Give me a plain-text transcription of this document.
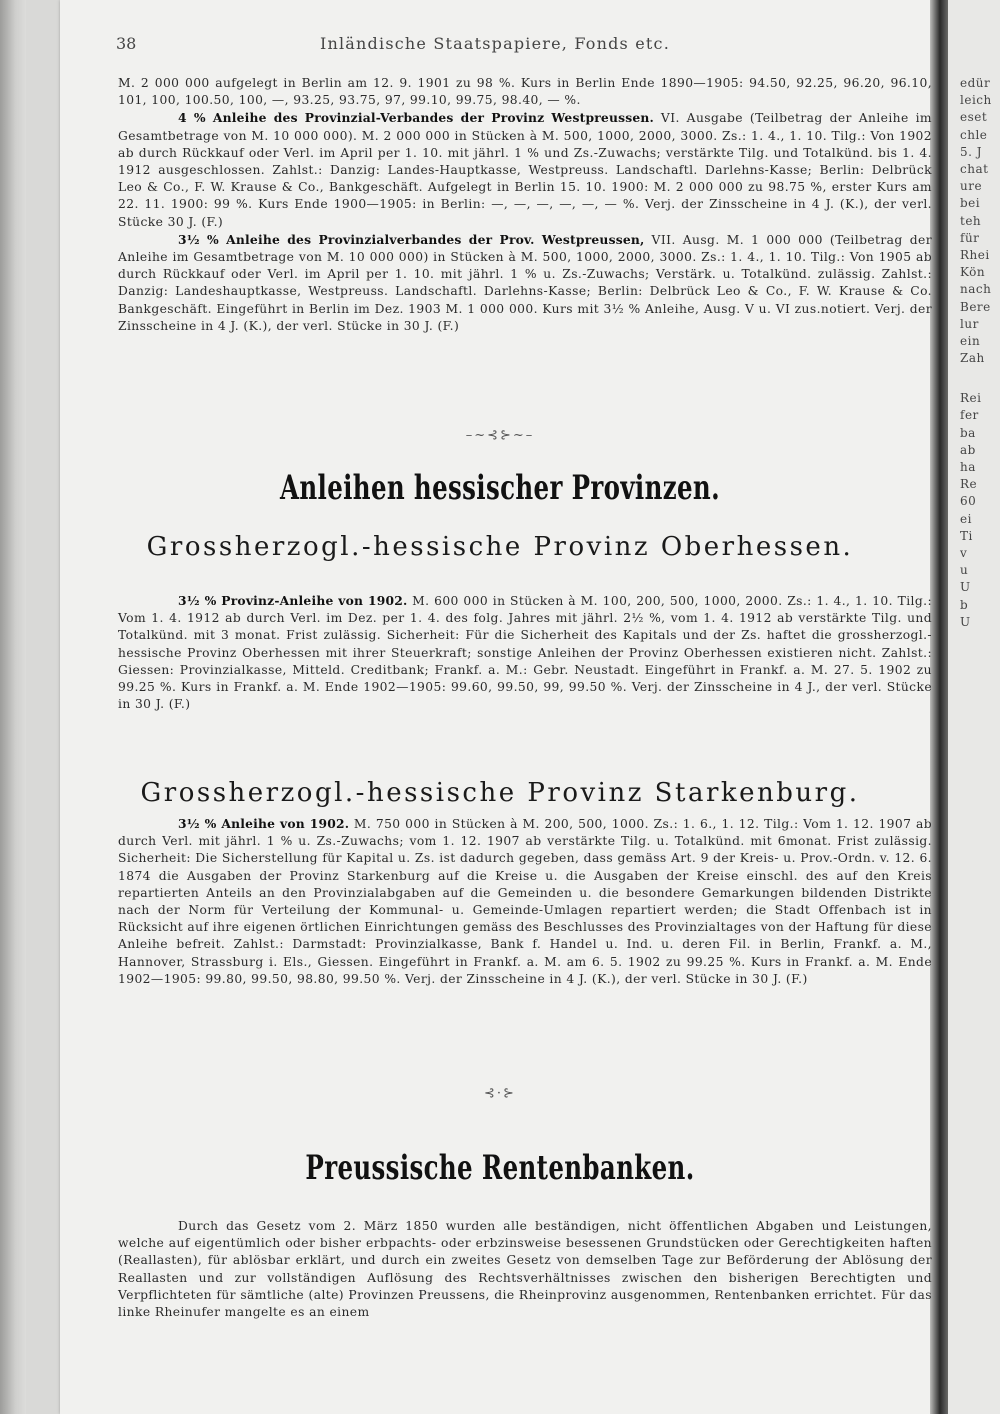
edür
leich
eset
chle
5. J
chat
ure
bei
teh
für
Rhei
Kön
nach
Bere
lur
ein
Zah
Rei
fer
ba
ab
ha
Re
60
ei
Ti
v
u
U
b
U
38	Inländische Staatspapiere, Fonds etc.

M. 2 000 000 aufgelegt in Berlin am 12. 9. 1901 zu 98 %. Kurs in Berlin Ende 1890—1905: 94.50, 92.25, 96.20, 96.10, 101, 100, 100.50, 100, —, 93.25, 93.75, 97, 99.10, 99.75, 98.40, — %.

4 % Anleihe des Provinzial-Verbandes der Provinz Westpreussen. VI. Ausgabe (Teilbetrag der Anleihe im Gesamtbetrage von M. 10 000 000). M. 2 000 000 in Stücken à M. 500, 1000, 2000, 3000. Zs.: 1. 4., 1. 10. Tilg.: Von 1902 ab durch Rückkauf oder Verl. im April per 1. 10. mit jährl. 1 % und Zs.-Zuwachs; verstärkte Tilg. und Totalkünd. bis 1. 4. 1912 ausgeschlossen. Zahlst.: Danzig: Landes-Hauptkasse, Westpreuss. Landschaftl. Darlehns-Kasse; Berlin: Delbrück Leo & Co., F. W. Krause & Co., Bankgeschäft. Aufgelegt in Berlin 15. 10. 1900: M. 2 000 000 zu 98.75 %, erster Kurs am 22. 11. 1900: 99 %. Kurs Ende 1900—1905: in Berlin: —, —, —, —, —, — %. Verj. der Zinsscheine in 4 J. (K.), der verl. Stücke 30 J. (F.)

3½ % Anleihe des Provinzialverbandes der Prov. Westpreussen, VII. Ausg. M. 1 000 000 (Teilbetrag der Anleihe im Gesamtbetrage von M. 10 000 000) in Stücken à M. 500, 1000, 2000, 3000. Zs.: 1. 4., 1. 10. Tilg.: Von 1905 ab durch Rückkauf oder Verl. im April per 1. 10. mit jährl. 1 % u. Zs.-Zuwachs; Verstärk. u. Totalkünd. zulässig. Zahlst.: Danzig: Landeshauptkasse, Westpreuss. Landschaftl. Darlehns-Kasse; Berlin: Delbrück Leo & Co., F. W. Krause & Co. Bankgeschäft. Eingeführt in Berlin im Dez. 1903 M. 1 000 000. Kurs mit 3½ % Anleihe, Ausg. V u. VI zus.notiert. Verj. der Zinsscheine in 4 J. (K.), der verl. Stücke in 30 J. (F.)

–~⊰⊱~–
Anleihen hessischer Provinzen.
Grossherzogl.-hessische Provinz Oberhessen.

3½ % Provinz-Anleihe von 1902. M. 600 000 in Stücken à M. 100, 200, 500, 1000, 2000. Zs.: 1. 4., 1. 10. Tilg.: Vom 1. 4. 1912 ab durch Verl. im Dez. per 1. 4. des folg. Jahres mit jährl. 2½ %, vom 1. 4. 1912 ab verstärkte Tilg. und Totalkünd. mit 3 monat. Frist zulässig. Sicherheit: Für die Sicherheit des Kapitals und der Zs. haftet die grossherzogl.-hessische Provinz Oberhessen mit ihrer Steuerkraft; sonstige Anleihen der Provinz Oberhessen existieren nicht. Zahlst.: Giessen: Provinzialkasse, Mitteld. Creditbank; Frankf. a. M.: Gebr. Neustadt. Eingeführt in Frankf. a. M. 27. 5. 1902 zu 99.25 %. Kurs in Frankf. a. M. Ende 1902—1905: 99.60, 99.50, 99, 99.50 %. Verj. der Zinsscheine in 4 J., der verl. Stücke in 30 J. (F.)

Grossherzogl.-hessische Provinz Starkenburg.

3½ % Anleihe von 1902. M. 750 000 in Stücken à M. 200, 500, 1000. Zs.: 1. 6., 1. 12. Tilg.: Vom 1. 12. 1907 ab durch Verl. mit jährl. 1 % u. Zs.-Zuwachs; vom 1. 12. 1907 ab verstärkte Tilg. u. Totalkünd. mit 6monat. Frist zulässig. Sicherheit: Die Sicherstellung für Kapital u. Zs. ist dadurch gegeben, dass gemäss Art. 9 der Kreis- u. Prov.-Ordn. v. 12. 6. 1874 die Ausgaben der Provinz Starkenburg auf die Kreise u. die Ausgaben der Kreise einschl. des auf den Kreis repartierten Anteils an den Provinzialabgaben auf die Gemeinden u. die besondere Gemarkungen bildenden Distrikte nach der Norm für Verteilung der Kommunal- u. Gemeinde-Umlagen repartiert werden; die Stadt Offenbach ist in Rücksicht auf ihre eigenen örtlichen Einrichtungen gemäss des Beschlusses des Provinzialtages von der Haftung für diese Anleihe befreit. Zahlst.: Darmstadt: Provinzialkasse, Bank f. Handel u. Ind. u. deren Fil. in Berlin, Frankf. a. M., Hannover, Strassburg i. Els., Giessen. Eingeführt in Frankf. a. M. am 6. 5. 1902 zu 99.25 %. Kurs in Frankf. a. M. Ende 1902—1905: 99.80, 99.50, 98.80, 99.50 %. Verj. der Zinsscheine in 4 J. (K.), der verl. Stücke in 30 J. (F.)

⊰·⊱
Preussische Rentenbanken.

Durch das Gesetz vom 2. März 1850 wurden alle beständigen, nicht öffentlichen Abgaben und Leistungen, welche auf eigentümlich oder bisher erbpachts- oder erbzinsweise besessenen Grundstücken oder Gerechtigkeiten haften (Reallasten), für ablösbar erklärt, und durch ein zweites Gesetz von demselben Tage zur Beförderung der Ablösung der Reallasten und zur vollständigen Auflösung des Rechtsverhältnisses zwischen den bisherigen Berechtigten und Verpflichteten für sämtliche (alte) Provinzen Preussens, die Rheinprovinz ausgenommen, Rentenbanken errichtet. Für das linke Rheinufer mangelte es an einem
